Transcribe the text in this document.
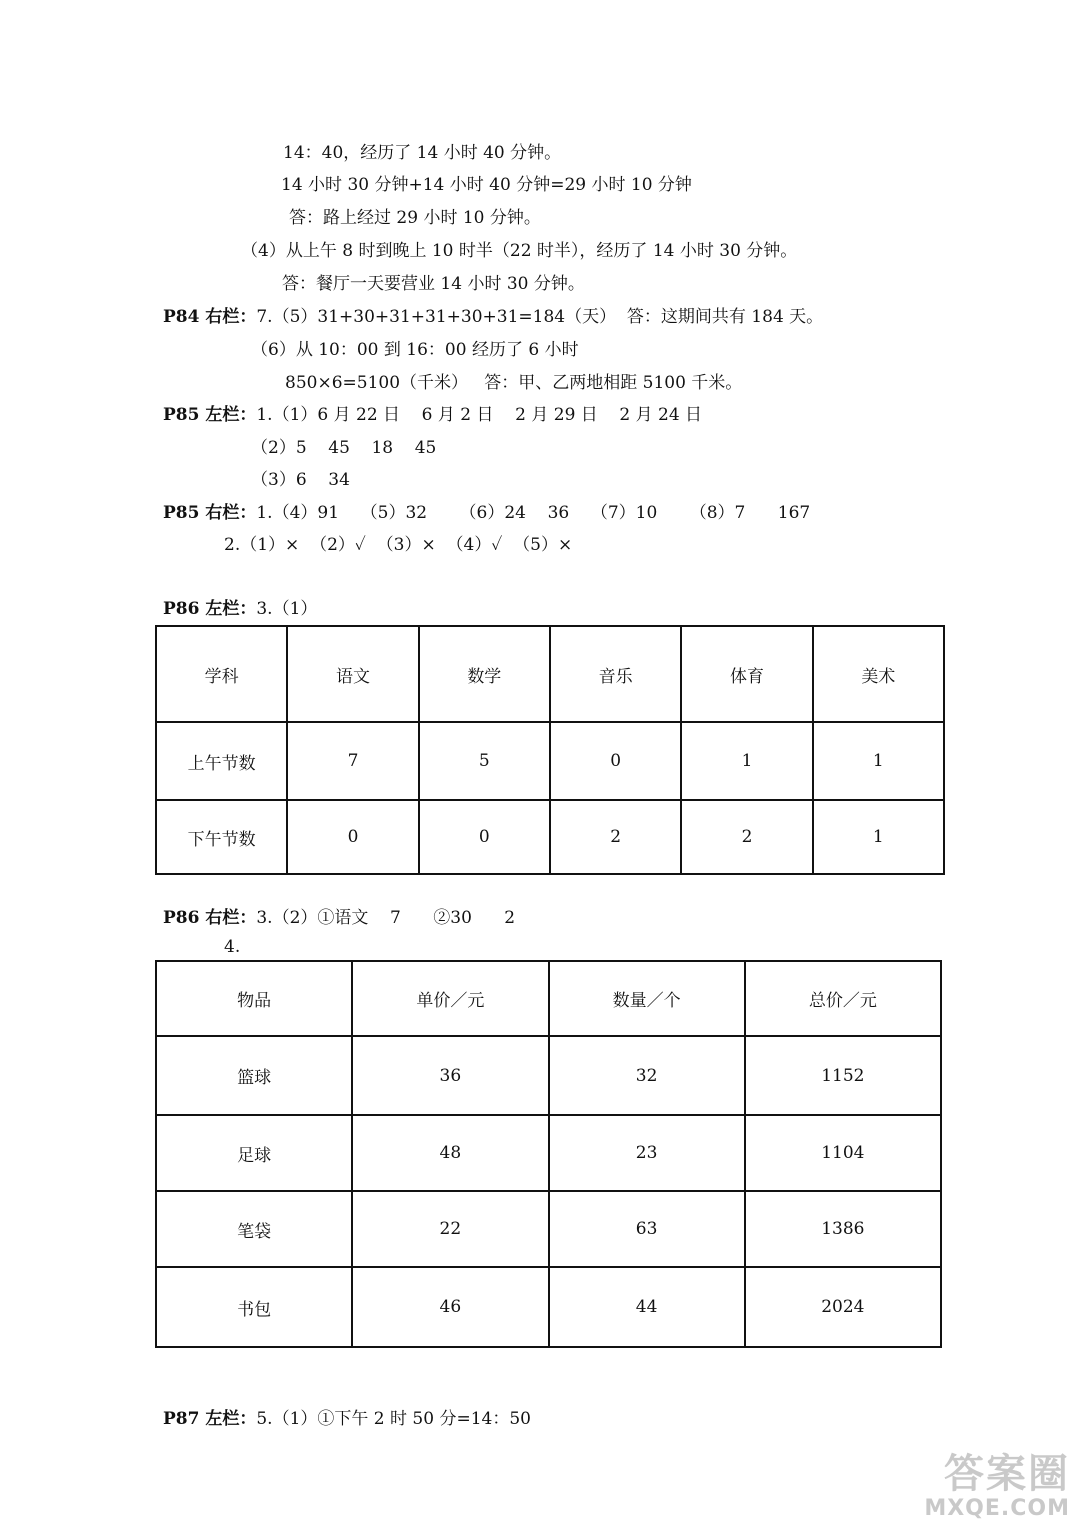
14：40，经历了 14 小时 40 分钟。
14 小时 30 分钟+14 小时 40 分钟=29 小时 10 分钟
答：路上经过 29 小时 10 分钟。
（4）从上午 8 时到晚上 10 时半（22 时半），经历了 14 小时 30 分钟。
答：餐厅一天要营业 14 小时 30 分钟。
P84 右栏：7.（5）31+30+31+31+30+31=184（天）  答：这期间共有 184 天。
（6）从 10：00 到 16：00 经历了 6 小时
850×6=5100（千米）   答：甲、乙两地相距 5100 千米。
P85 左栏：1.（1）6 月 22 日    6 月 2 日    2 月 29 日    2 月 24 日
（2）5    45    18    45
（3）6    34
P85 右栏：1.（4）91    （5）32      （6）24    36    （7）10      （8）7      167
2.（1）×  （2）✓  （3）×  （4）✓  （5）×
P86 左栏：3.（1）
学科	语文	数学	音乐	体育	美术
上午节数	7	5	0	1	1
下午节数	0	0	2	2	1
P86 右栏：3.（2）①语文    7      ②30      2
4.
物品	单价／元	数量／个	总价／元
篮球	36	32	1152
足球	48	23	1104
笔袋	22	63	1386
书包	46	44	2024
P87 左栏：5.（1）①下午 2 时 50 分=14：50
答案圈
MXQE.COM
